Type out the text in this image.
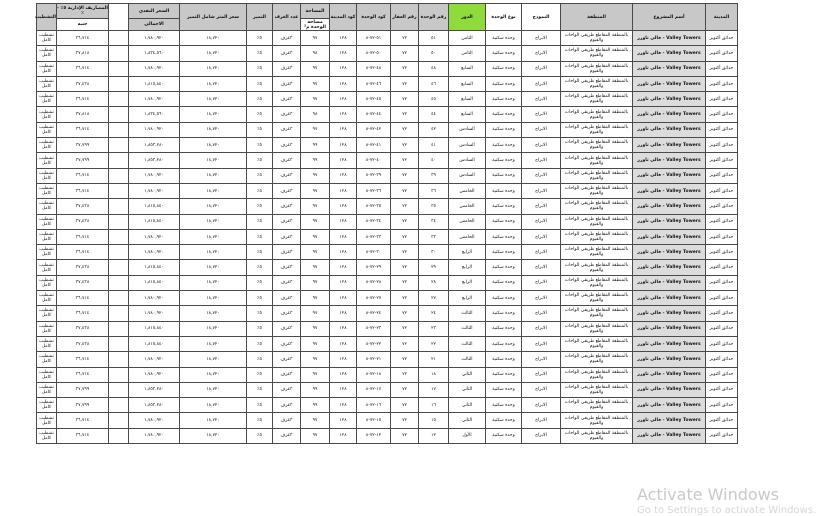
المدينة	أسم المشروع	المنطقة	النموذج	نوع الوحدة	الدور	رقم الوحدة	رقم العقار	كود الوحدة	كود المدينة	المساحة	عدد الغرف	التميز	سعر المتر شامل التميز	السعر النقدي		المصاريف الإدارية ٥٪ - ٪	التشطيب
										مساحة الوحدة م²				الاجمالي		جنيه	
حدائق أكتوبر	Valley Towers - فالى تاورز	بالمنطقة المقاطع طريقي الواحات والفيوم	الابراج	وحدة سكنية	الثامن	٥١	٧٢	٥١-٧٢-٨	١٢٨	٩٧	٣غرف	٥٪	١٨,٧٢٠	١,٧٨٠,٩٢٠		٣٦,٧١٤	تشطيب كامل
حدائق أكتوبر	Valley Towers - فالى تاورز	بالمنطقة المقاطع طريقي الواحات والفيوم	الابراج	وحدة سكنية	الثامن	٥٠	٧٢	٥٠-٧٢-٨	١٢٨	٩٨	٣غرف	٥٪	١٨,٧٢٠	١,٨٣٤,٥٦٠		٣٧,٨١٨	تشطيب كامل
حدائق أكتوبر	Valley Towers - فالى تاورز	بالمنطقة المقاطع طريقي الواحات والفيوم	الابراج	وحدة سكنية	السابع	٤٨	٧٢	٤٨-٧٢-٨	١٢٨	٩٧	٣غرف	٥٪	١٨,٧٢٠	١,٧٨٠,٩٢٠		٣٦,٧١٤	تشطيب كامل
حدائق أكتوبر	Valley Towers - فالى تاورز	بالمنطقة المقاطع طريقي الواحات والفيوم	الابراج	وحدة سكنية	السابع	٤٦	٧٢	٤٦-٧٢-٨	١٢٨	٩٧	٣غرف	٥٪	١٨,٧٢٠	١,٨١٥,٨٤٠		٣٧,٤٣٨	تشطيب كامل
حدائق أكتوبر	Valley Towers - فالى تاورز	بالمنطقة المقاطع طريقي الواحات والفيوم	الابراج	وحدة سكنية	السابع	٤٥	٧٢	٤٥-٧٢-٨	١٢٨	٩٧	٣غرف	٥٪	١٨,٧٢٠	١,٧٨٠,٩٢٠		٣٦,٧١٤	تشطيب كامل
حدائق أكتوبر	Valley Towers - فالى تاورز	بالمنطقة المقاطع طريقي الواحات والفيوم	الابراج	وحدة سكنية	السابع	٤٤	٧٢	٤٤-٧٢-٨	١٢٨	٩٨	٣غرف	٥٪	١٨,٧٢٠	١,٨٣٤,٥٦٠		٣٧,٨١٨	تشطيب كامل
حدائق أكتوبر	Valley Towers - فالى تاورز	بالمنطقة المقاطع طريقي الواحات والفيوم	الابراج	وحدة سكنية	السادس	٤٢	٧٢	٤٢-٧٢-٨	١٢٨	٩٧	٣غرف	٥٪	١٨,٧٢٠	١,٧٨٠,٩٢٠		٣٦,٧١٤	تشطيب كامل
حدائق أكتوبر	Valley Towers - فالى تاورز	بالمنطقة المقاطع طريقي الواحات والفيوم	الابراج	وحدة سكنية	السادس	٤١	٧٢	٤١-٧٢-٨	١٢٨	٩٩	٣غرف	٥٪	١٨,٧٢٠	١,٨٥٣,٢٨٠		٣٧,٧٩٩	تشطيب كامل
حدائق أكتوبر	Valley Towers - فالى تاورز	بالمنطقة المقاطع طريقي الواحات والفيوم	الابراج	وحدة سكنية	السادس	٤٠	٧٢	٤٠-٧٢-٨	١٢٨	٩٩	٣غرف	٥٪	١٨,٧٢٠	١,٨٥٣,٢٨٠		٣٧,٧٩٩	تشطيب كامل
حدائق أكتوبر	Valley Towers - فالى تاورز	بالمنطقة المقاطع طريقي الواحات والفيوم	الابراج	وحدة سكنية	السادس	٣٩	٧٢	٣٩-٧٢-٨	١٢٨	٩٧	٣غرف	٥٪	١٨,٧٢٠	١,٧٨٠,٩٢٠		٣٦,٧١٤	تشطيب كامل
حدائق أكتوبر	Valley Towers - فالى تاورز	بالمنطقة المقاطع طريقي الواحات والفيوم	الابراج	وحدة سكنية	الخامس	٣٦	٧٢	٣٦-٧٢-٨	١٢٨	٩٧	٣غرف	٥٪	١٨,٧٢٠	١,٧٨٠,٩٢٠		٣٦,٧١٤	تشطيب كامل
حدائق أكتوبر	Valley Towers - فالى تاورز	بالمنطقة المقاطع طريقي الواحات والفيوم	الابراج	وحدة سكنية	الخامس	٣٥	٧٢	٣٥-٧٢-٨	١٢٨	٩٧	٣غرف	٥٪	١٨,٧٢٠	١,٨١٥,٨٤٠		٣٧,٤٣٨	تشطيب كامل
حدائق أكتوبر	Valley Towers - فالى تاورز	بالمنطقة المقاطع طريقي الواحات والفيوم	الابراج	وحدة سكنية	الخامس	٣٤	٧٢	٣٤-٧٢-٨	١٢٨	٩٧	٣غرف	٥٪	١٨,٧٢٠	١,٨١٥,٨٤٠		٣٧,٤٣٨	تشطيب كامل
حدائق أكتوبر	Valley Towers - فالى تاورز	بالمنطقة المقاطع طريقي الواحات والفيوم	الابراج	وحدة سكنية	الخامس	٣٣	٧٢	٣٣-٧٢-٨	١٢٨	٩٧	٣غرف	٥٪	١٨,٧٢٠	١,٧٨٠,٩٢٠		٣٦,٧١٤	تشطيب كامل
حدائق أكتوبر	Valley Towers - فالى تاورز	بالمنطقة المقاطع طريقي الواحات والفيوم	الابراج	وحدة سكنية	الرابع	٣٠	٧٢	٣٠-٧٢-٨	١٢٨	٩٧	٣غرف	٥٪	١٨,٧٢٠	١,٧٨٠,٩٢٠		٣٦,٧١٤	تشطيب كامل
حدائق أكتوبر	Valley Towers - فالى تاورز	بالمنطقة المقاطع طريقي الواحات والفيوم	الابراج	وحدة سكنية	الرابع	٢٩	٧٢	٢٩-٧٢-٨	١٢٨	٩٧	٣غرف	٥٪	١٨,٧٢٠	١,٨١٥,٨٤٠		٣٧,٤٣٨	تشطيب كامل
حدائق أكتوبر	Valley Towers - فالى تاورز	بالمنطقة المقاطع طريقي الواحات والفيوم	الابراج	وحدة سكنية	الرابع	٢٨	٧٢	٢٨-٧٢-٨	١٢٨	٩٧	٣غرف	٥٪	١٨,٧٢٠	١,٨١٥,٨٤٠		٣٧,٤٣٨	تشطيب كامل
حدائق أكتوبر	Valley Towers - فالى تاورز	بالمنطقة المقاطع طريقي الواحات والفيوم	الابراج	وحدة سكنية	الرابع	٢٧	٧٢	٢٧-٧٢-٨	١٢٨	٩٧	٣غرف	٥٪	١٨,٧٢٠	١,٧٨٠,٩٢٠		٣٦,٧١٤	تشطيب كامل
حدائق أكتوبر	Valley Towers - فالى تاورز	بالمنطقة المقاطع طريقي الواحات والفيوم	الابراج	وحدة سكنية	الثالث	٢٤	٧٢	٢٤-٧٢-٨	١٢٨	٩٧	٣غرف	٥٪	١٨,٧٢٠	١,٧٨٠,٩٢٠		٣٦,٧١٤	تشطيب كامل
حدائق أكتوبر	Valley Towers - فالى تاورز	بالمنطقة المقاطع طريقي الواحات والفيوم	الابراج	وحدة سكنية	الثالث	٢٣	٧٢	٢٣-٧٢-٨	١٢٨	٩٧	٣غرف	٥٪	١٨,٧٢٠	١,٨١٥,٨٤٠		٣٧,٤٣٨	تشطيب كامل
حدائق أكتوبر	Valley Towers - فالى تاورز	بالمنطقة المقاطع طريقي الواحات والفيوم	الابراج	وحدة سكنية	الثالث	٢٢	٧٢	٢٢-٧٢-٨	١٢٨	٩٧	٣غرف	٥٪	١٨,٧٢٠	١,٨١٥,٨٤٠		٣٧,٤٣٨	تشطيب كامل
حدائق أكتوبر	Valley Towers - فالى تاورز	بالمنطقة المقاطع طريقي الواحات والفيوم	الابراج	وحدة سكنية	الثالث	٢١	٧٢	٢١-٧٢-٨	١٢٨	٩٧	٣غرف	٥٪	١٨,٧٢٠	١,٧٨٠,٩٢٠		٣٦,٧١٤	تشطيب كامل
حدائق أكتوبر	Valley Towers - فالى تاورز	بالمنطقة المقاطع طريقي الواحات والفيوم	الابراج	وحدة سكنية	الثاني	١٨	٧٢	١٨-٧٢-٨	١٢٨	٩٧	٣غرف	٥٪	١٨,٧٢٠	١,٧٨٠,٩٢٠		٣٦,٧١٤	تشطيب كامل
حدائق أكتوبر	Valley Towers - فالى تاورز	بالمنطقة المقاطع طريقي الواحات والفيوم	الابراج	وحدة سكنية	الثاني	١٧	٧٢	١٧-٧٢-٨	١٢٨	٩٩	٣غرف	٥٪	١٨,٧٢٠	١,٨٥٣,٢٨٠		٣٧,٧٩٩	تشطيب كامل
حدائق أكتوبر	Valley Towers - فالى تاورز	بالمنطقة المقاطع طريقي الواحات والفيوم	الابراج	وحدة سكنية	الثاني	١٦	٧٢	١٦-٧٢-٨	١٢٨	٩٩	٣غرف	٥٪	١٨,٧٢٠	١,٨٥٣,٢٨٠		٣٧,٧٩٩	تشطيب كامل
حدائق أكتوبر	Valley Towers - فالى تاورز	بالمنطقة المقاطع طريقي الواحات والفيوم	الابراج	وحدة سكنية	الثاني	١٥	٧٢	١٥-٧٢-٨	١٢٨	٩٧	٣غرف	٥٪	١٨,٧٢٠	١,٧٨٠,٩٢٠		٣٦,٧١٤	تشطيب كامل
حدائق أكتوبر	Valley Towers - فالى تاورز	بالمنطقة المقاطع طريقي الواحات والفيوم	الابراج	وحدة سكنية	الأول	١٢	٧٢	١٢-٧٢-٨	١٢٨	٩٧	٣غرف	٥٪	١٨,٧٢٠	١,٧٨٠,٩٢٠		٣٦,٧١٤	تشطيب كامل
Activate Windows
Go to Settings to activate Windows.
